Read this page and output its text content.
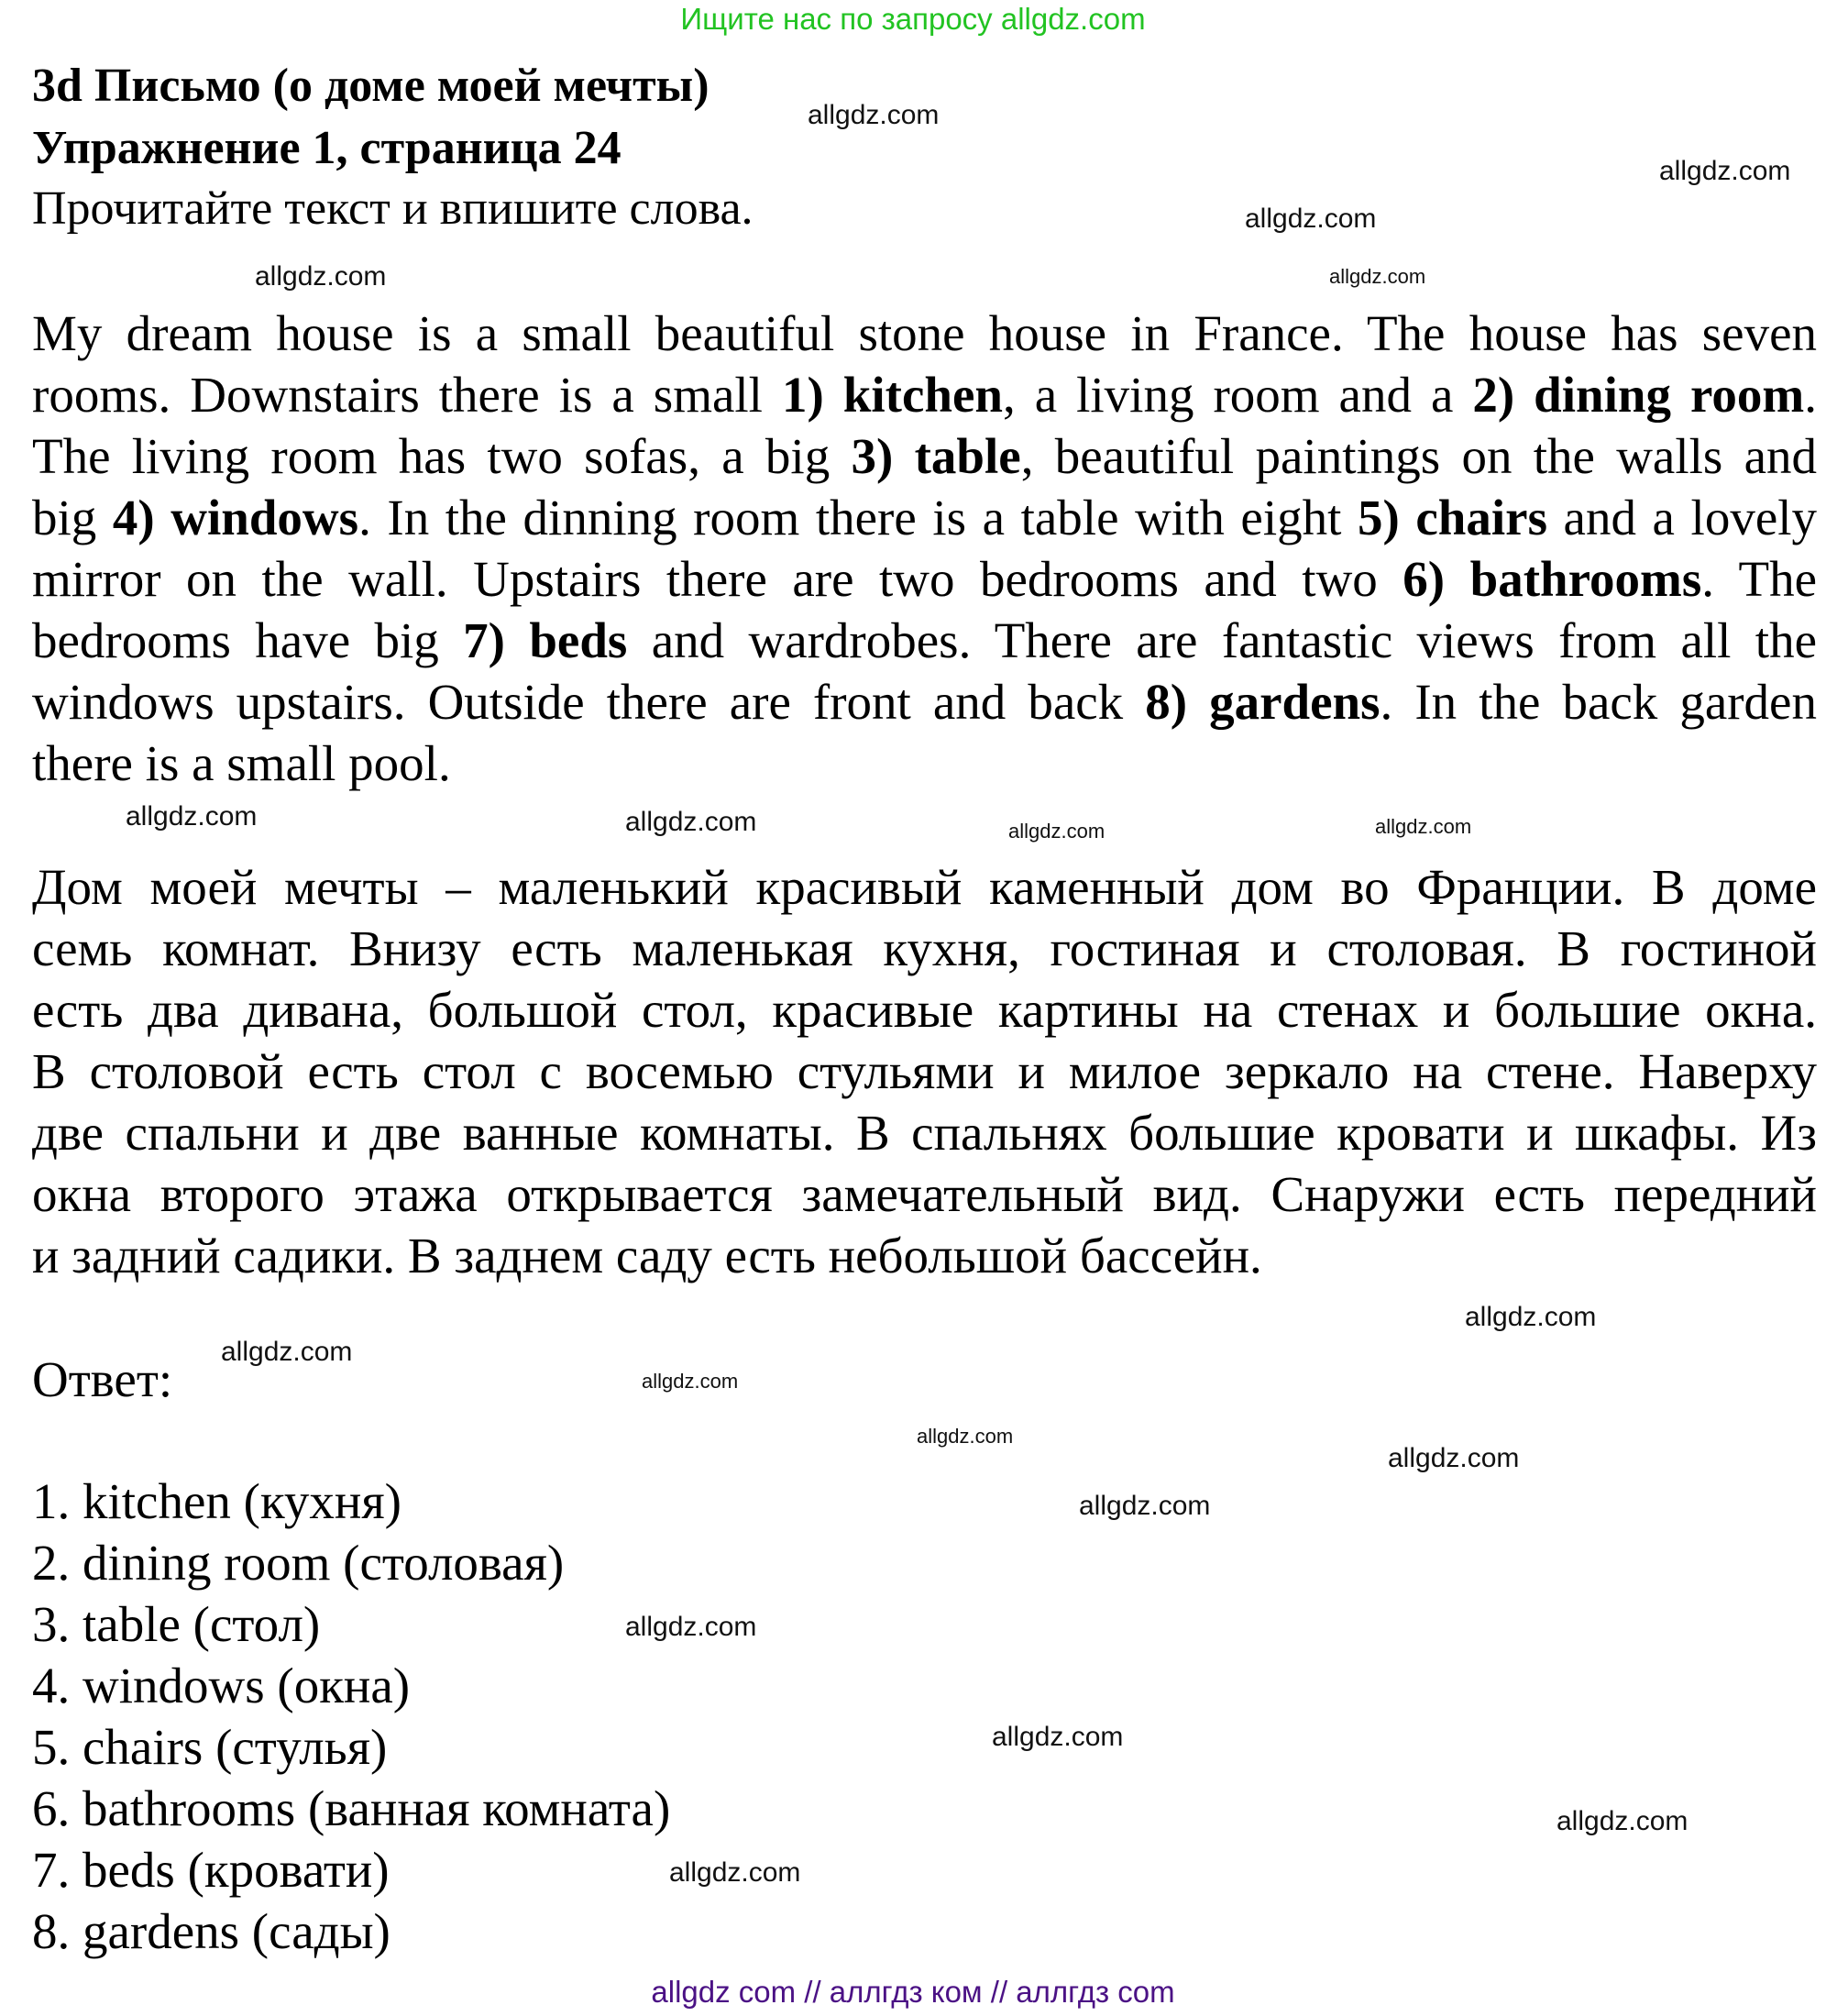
Ищите нас по запросу allgdz.com
3d Письмо (о доме моей мечты)
Упражнение 1, страница 24
Прочитайте текст и впишите слова.
My dream house is a small beautiful stone house in France. The house has seven
rooms. Downstairs there is a small 1) kitchen, a living room and a 2) dining room.
The living room has two sofas, a big 3) table, beautiful paintings on the walls and
big 4) windows. In the dinning room there is a table with eight 5) chairs and a lovely
mirror on the wall. Upstairs there are two bedrooms and two 6) bathrooms. The
bedrooms have big 7) beds and wardrobes. There are fantastic views from all the
windows upstairs. Outside there are front and back 8) gardens. In the back garden
there is a small pool.
Дом моей мечты – маленький красивый каменный дом во Франции. В доме
семь комнат. Внизу есть маленькая кухня, гостиная и столовая. В гостиной
есть два дивана, большой стол, красивые картины на стенах и большие окна.
В столовой есть стол с восемью стульями и милое зеркало на стене. Наверху
две спальни и две ванные комнаты. В спальнях большие кровати и шкафы. Из
окна второго этажа открывается замечательный вид. Снаружи есть передний
и задний садики. В заднем саду есть небольшой бассейн.
Ответ:
1. kitchen (кухня)
2. dining room (столовая)
3. table (стол)
4. windows (окна)
5. chairs (стулья)
6. bathrooms (ванная комната)
7. beds (кровати)
8. gardens (сады)
allgdz.com
allgdz.com
allgdz.com
allgdz.com	allgdz.com
allgdz.com	allgdz.com	allgdz.com	allgdz.com
allgdz.com
allgdz.com
allgdz.com
allgdz.com
allgdz.com
allgdz.com
allgdz.com
allgdz.com
allgdz.com
allgdz.com
allgdz com // аллгдз ком // аллгдз com
